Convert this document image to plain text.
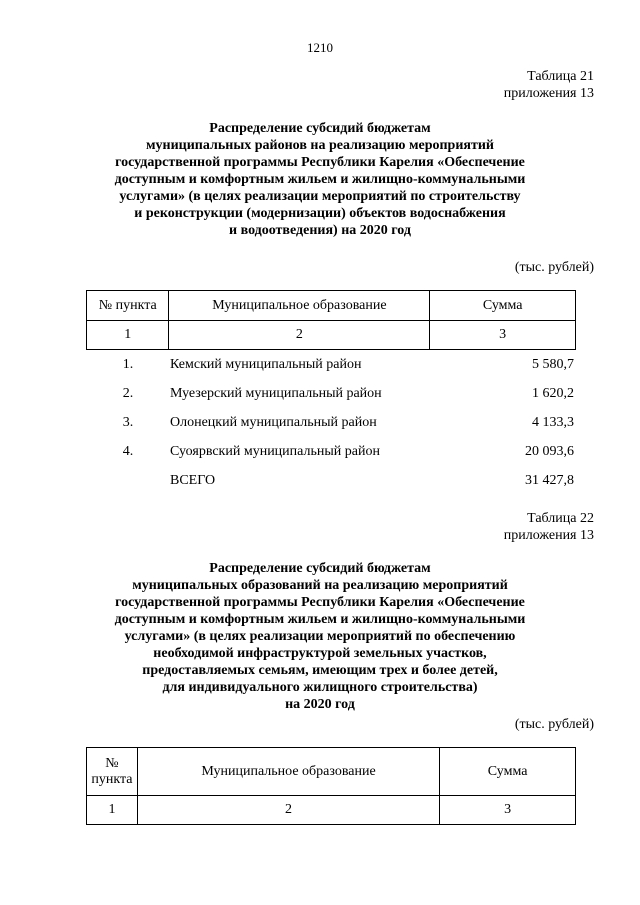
1210
Таблица 21
приложения 13
Распределение субсидий бюджетам
муниципальных районов на реализацию мероприятий
государственной программы Республики Карелия «Обеспечение
доступным и комфортным жильем и жилищно-коммунальными
услугами» (в целях реализации мероприятий по строительству
и реконструкции (модернизации) объектов водоснабжения
и водоотведения) на 2020 год
(тыс. рублей)
№ пункта	Муниципальное образование	Сумма
1	2	3
1.	Кемский муниципальный район	5 580,7
2.	Муезерский муниципальный район	1 620,2
3.	Олонецкий муниципальный район	4 133,3
4.	Суоярвский муниципальный район	20 093,6
	ВСЕГО	31 427,8
Таблица 22
приложения 13
Распределение субсидий бюджетам
муниципальных образований на реализацию мероприятий
государственной программы Республики Карелия «Обеспечение
доступным и комфортным жильем и жилищно-коммунальными
услугами» (в целях реализации мероприятий по обеспечению
необходимой инфраструктурой земельных участков,
предоставляемых семьям, имеющим трех и более детей,
для индивидуального жилищного строительства)
на 2020 год
(тыс. рублей)
№
пункта	Муниципальное образование	Сумма
1	2	3
